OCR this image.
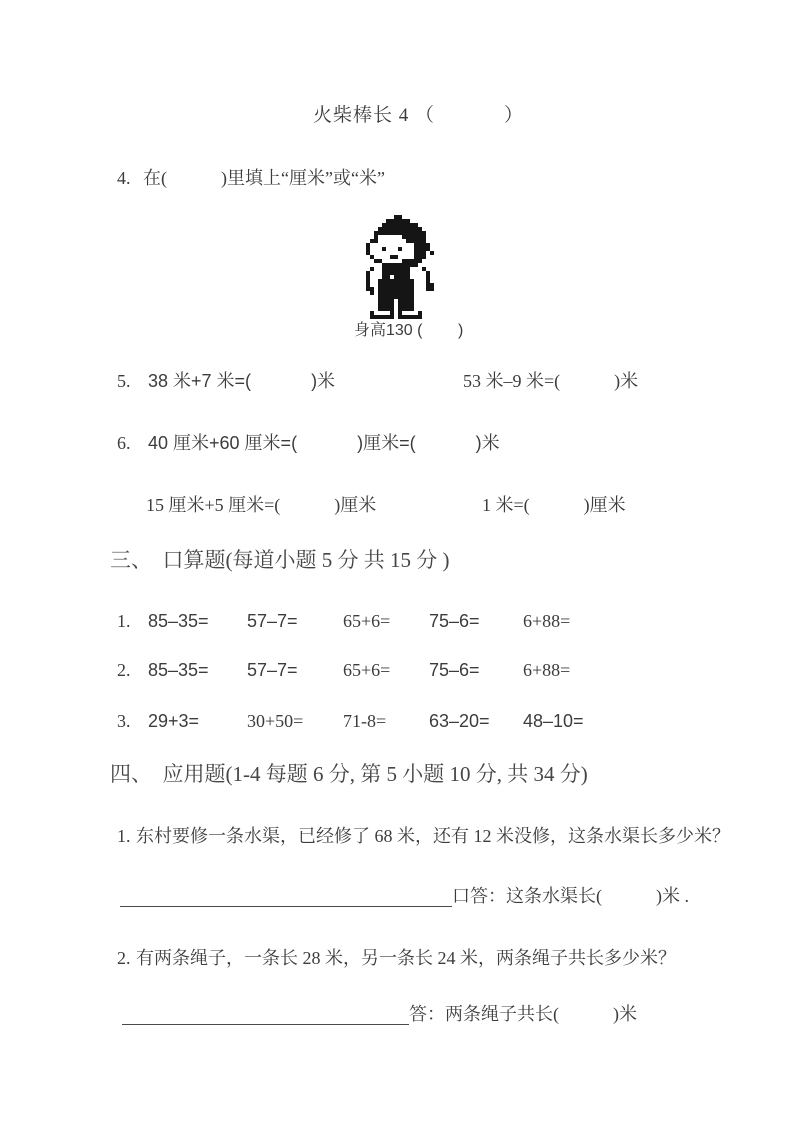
火柴棒长 4 （            ）
4. 在(            )里填上“厘米”或“米”
身高130 (        )
5. 38 米+7 米=(            )米	53 米–9 米=(            )米
6. 40 厘米+60 厘米=(            )厘米=(            )米
15 厘米+5 厘米=(            )厘米	1 米=(            )厘米
三、  口算题(每道小题 5 分 共 15 分 )
1. 85–35= 57–7=	65+6= 75–6= 6+88=
2. 85–35= 57–7=	65+6= 75–6= 6+88=
3. 29+3=	30+50= 71-8= 63–20= 48–10=
四、  应用题(1-4 每题 6 分, 第 5 小题 10 分, 共 34 分)
1. 东村要修一条水渠，已经修了 68 米，还有 12 米没修，这条水渠长多少米？
口答：这条水渠长(            )米 .
2. 有两条绳子，一条长 28 米，另一条长 24 米，两条绳子共长多少米？
答：两条绳子共长(            )米
